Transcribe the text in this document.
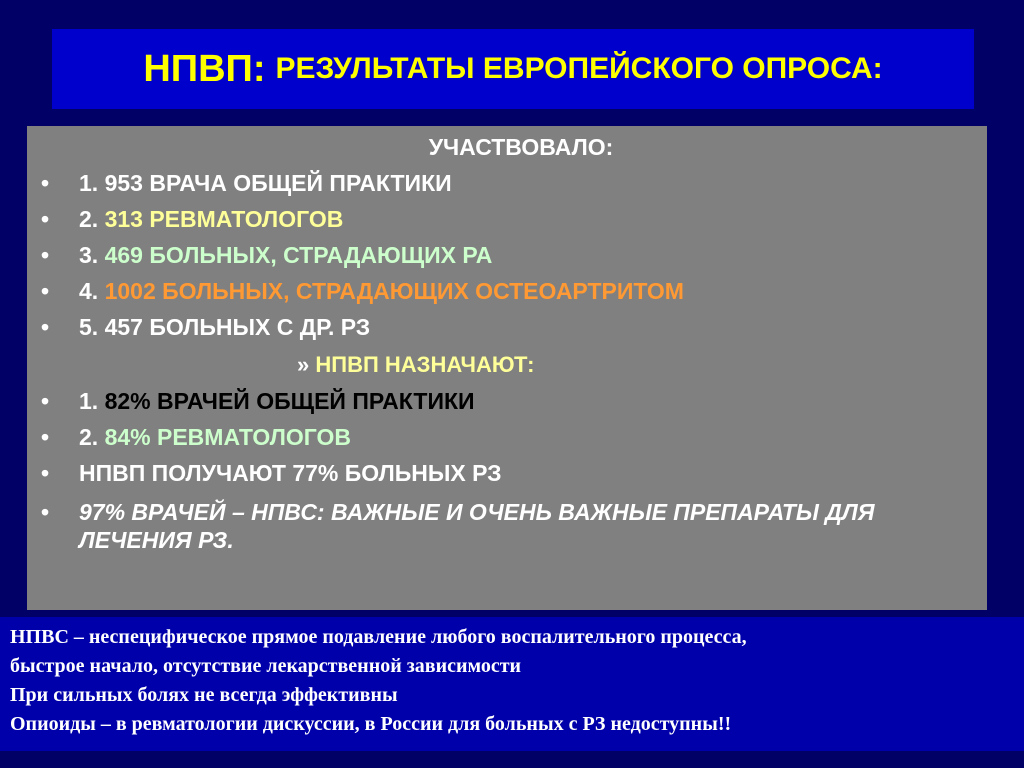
НПВП: РЕЗУЛЬТАТЫ ЕВРОПЕЙСКОГО ОПРОСА:
УЧАСТВОВАЛО:
•	1. 953 ВРАЧА ОБЩЕЙ ПРАКТИКИ
•	2. 313 РЕВМАТОЛОГОВ
•	3. 469 БОЛЬНЫХ, СТРАДАЮЩИХ РА
•	4. 1002 БОЛЬНЫХ, СТРАДАЮЩИХ ОСТЕОАРТРИТОМ
•	5. 457 БОЛЬНЫХ С ДР. РЗ
» НПВП НАЗНАЧАЮТ:
•	1. 82% ВРАЧЕЙ ОБЩЕЙ ПРАКТИКИ
•	2. 84% РЕВМАТОЛОГОВ
•	НПВП ПОЛУЧАЮТ 77% БОЛЬНЫХ РЗ
•	97% ВРАЧЕЙ – НПВС: ВАЖНЫЕ И ОЧЕНЬ ВАЖНЫЕ ПРЕПАРАТЫ ДЛЯ ЛЕЧЕНИЯ РЗ.
НПВС – неспецифическое прямое подавление любого воспалительного процесса,
быстрое начало, отсутствие лекарственной зависимости
При сильных болях не всегда эффективны
Опиоиды – в ревматологии дискуссии, в России для больных с РЗ недоступны!!
